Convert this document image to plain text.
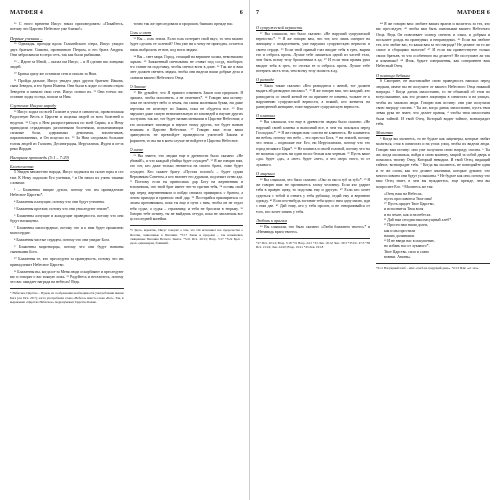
МАТФЕЯ 4	6

¹⁶ С этого времени Иисус начал проповедовать: «Покайтесь, потому что Царство Небесное уже близко!»

Первые ученики –

¹⁸ Однажды, проходя вдоль Галилейского озера, Иисус увидел двух братьев: Симона, прозванного Петром, и его брата Андрея. Они забрасывали в озеро сеть, так как были рыбаками.

¹⁹ – Идите за Мной, – сказал им Иисус, – и Я сделаю вас ловцами людей.

²⁰ Братья сразу же оставили сети и пошли за Ним.

²¹ Пройдя дальше, Иисус увидел двух других братьев: Иакова, сына Зеведея, и его брата Иоанна. Они были в лодке со своим отцом Зеведеем и чинили свои сети. Иисус позвал их. ²² Они тотчас же, оставив лодку и отца, пошли за Ним.

Служение Иисуса народу

²³ Иисус ходил по всей Галилее и учил в синагогах, провозглашая Радостную Весть о Царстве и исцеляя людей от всех болезней и недугов. ²⁴ Слух о Нем распространился по всей Сирии, и к Нему приводили страдающих различными болезнями, испытывающих сильные боли, одержимых демонами, эпилептиков, парализованных, и Он исцелял их. ²⁵ За Ним следовали большие толпы людей из Галилеи, Десятиградья, Иерусалима, Иудеи и из-за реки Иордан.

Нагорная проповедь (5:1 – 7:29)
Блаженства

5 Увидев множество народа, Иисус поднялся на склон горы и сел там. К Нему подошли Его ученики, ² и Он начал их учить такими словами:

³ – Блаженны нищие духом, потому что им принадлежит Небесное Царство*.

⁴ Блаженны плачущие, потому что они будут утешены.

⁵ Блаженны кроткие, потому что они унаследуют землю*.

⁶ Блаженны алчущие и жаждущие праведности, потому что они будут насыщены.

⁷ Блаженны милосердные, потому что и к ним будет проявлено милосердие.

⁸ Блаженны чистые сердцем, потому что они увидят Бога.

⁹ Блаженны миротворцы, потому что они будут названы сыновьями Бога.

¹⁰ Блаженны те, кто преследуем за праведность, потому что им принадлежит Небесное Царство.

¹¹ Блаженны вы, когда из-за Меня люди оскорбляют и преследуют вас и говорят о вас всякую ложь. ¹² Радуйтесь и веселитесь, потому что вас ожидает награда на небесах! Ведь

* Небесное Царство – Иудеи, из соображения необходимости употребления имени Бога (см. Исх. 20:7), часто употребляли слово «Небеса» вместо слова «Бог». Так, и выражение «Царство Небесное» подразумевает Царство Божие.

точно так же преследовали и пророков, бывших прежде вас.

Соль и свет

¹³ Вы – соль земли. Если соль потеряет свой вкус, то чем можно будет сделать ее соленой? Она уже ни к чему не пригодна, остается лишь выбросить ее вон, под ноги людям.

¹⁴ Вы – свет мира. Город, стоящий на вершине холма, невозможно скрыть. ¹⁵ Зажженный светильник не ставят под сосуд, наоборот, его ставят на подставку, чтобы светил всем в доме. ¹⁶ Так же и ваш свет должен светить людям, чтобы они видели ваши добрые дела и славили вашего Небесного Отца.

О Законе

¹⁷ Не думайте, что Я пришел отменить Закон или пророков. Я пришел, чтобы исполнить, а не отменить*. ¹⁸ Говорю вам истину: пока не исчезнут небо и земля, ни самая маленькая буква, ни даже черточка не исчезнут из Закона, пока не сбудется все. ¹⁹ Кто нарушит даже самую незначительную из заповедей и научит других поступать так же, тот будет назван меньшим в Царстве Небесном; а кто исполняет заповеди и научит этому других, тот будет назван великим в Царстве Небесном. ²⁰ Говорю вам: если ваша праведность не превзойдет праведности учителей Закона и фарисеев, то вы ни в коем случае не войдете в Царство Небесное.

О гневе

²¹ Вы знаете, что людям еще в древности было сказано: «Не убивай!», и что каждый убийца будет осужден*. ²² Я же говорю вам, что тот, кто даже только гневается на своего брата, тоже будет осужден. Кто скажет брату: «Пустая голова!» – будет судим Верховным Советом, а кто назовет его дураком, подлежит огню ада. ²³ Поэтому если ты приносишь дар Богу на жертвенник и вспомнишь, что твой брат имеет что-то против тебя, ²⁴ оставь свой дар перед жертвенником и пойди сначала примирись с братом, а потом приходи и приноси свой дар. ²⁵ Постарайся примириться со своим противником, пока ты еще в пути с ним, чтобы он не отдал тебя судье, а судья – стражнику, и тебя не бросили в тюрьму. ²⁶ Говорю тебе истину, ты не выйдешь оттуда, пока не заплатишь все до последней копейки.

*5 Здесь, вероятно, Иисус говорит о том, что Он исполняет все пророчества о Мессии, записанные в Писании. *5:17 Закон и пророки – так назывались Священные Писания Ветхого Завета. *5:21 Исх. 20:13; Втор. 5:17 *5:22 Брат – здесь: единоверец, ближний.

7	МАТФЕЯ 6
О супружеской верности

²⁷ Вы слышали, что было сказано: «Не нарушай супружеской верности»*. ²⁸ Я же говорю вам, что тот, кто лишь смотрит на женщину с вожделением, уже нарушил супружескую верность в своем сердце. ²⁹ Если твой правый глаз вводит тебя в грех, вырви его и отбрось прочь. Лучше тебе лишиться одной из частей тела, чем быть всему телу брошенным в ад. ³⁰ И если твоя правая рука вводит тебя в грех, то отсеки ее и отбрось прочь. Лучше тебе потерять часть тела, чем всему телу попасть в ад.

О разводе

³¹ Было также сказано: «Кто разводится с женой, тот должен выдать ей разводное письмо»*. ³² Я же говорю вам, что каждый, кто разводится со своей женой не по причине ее измены, толкает ее к нарушению супружеской верности, а всякий, кто женится на разведенной женщине, тоже нарушает супружескую верность.

О клятвах

³³ Вы слышали, что еще в древности людям было сказано: «Не нарушай своей клятвы и выполняй все, в чем ты поклялся перед Господом»*. ³⁴ Я же говорю вам: совсем не клянитесь. Не клянитесь ни небом, потому что небо – это престол Бога, ³⁵ ни землей, потому что земля – подножие ног Его, ни Иерусалимом, потому что это город великого Царя*. ³⁶ Не клянись и своей головой, потому что ты не можешь сделать ни один волос белым или черным. ³⁷ Пусть ваше «да» будет «да», а «нет» будет «нет», а что сверх этого, то от лукавого.

О мщении

³⁸ Вы слышали, что было сказано: «Око за око и зуб за зуб»*. ³⁹ Я же говорю вам: не противьтесь злому человеку. Если кто ударит тебя в правую щеку, то подставь ему и другую. ⁴⁰ Если кто хочет судиться с тобой и отнять у тебя рубашку, отдай ему и верхнюю одежду. ⁴¹ Если кто-нибудь заставит тебя идти с ним одну милю, иди с ним две. ⁴² Дай тому, кто у тебя просит, и не отворачивайся от того, кто хочет занять у тебя.

Любовь к врагам

⁴³ Вы слышали, что было сказано: «Люби ближнего твоего»* и «Ненавидь врага твоего».

*27 Исх. 20:14; Втор. 5:18 *31 Втор. 24:1 *33 Лев. 19:12; Чис. 30:3 *35 Пс. 47:3 *38 Исх. 21:24; Лев. 24:20; Втор. 19:21 *43 Лев. 19:18

⁴⁴ Я же говорю вам: любите ваших врагов и молитесь за тех, кто вас преследует, ⁴⁵ чтобы вам быть сыновьями вашего Небесного Отца. Ведь Он повелевает солнцу светить и злым, и добрым и посылает дождь на праведных и неправедных. ⁴⁶ Если вы любите тех, кто любит вас, то какая вам за это награда? Не делают ли то же самое и сборщики налогов? ⁴⁷ И если вы приветствуете только своих братьев, то что особенного вы делаете? Не поступают ли так и язычники? ⁴⁸ Итак, будьте совершенны, как совершенен ваш Небесный Отец.

О помощи бедным

6 Смотрите, не выставляйте свою праведность напоказ перед людьми, иначе вы не получите от вашего Небесного Отца никакой награды. ² Когда даешь милостыню, то не объявляй об этом во всеуслышание, как это делают лицемеры в синагогах и на улицах, чтобы их хвалили люди. Говорю вам истину: они уже получили свою награду сполна. ³ Ты же, когда даешь милостыню, пусть твоя левая рука не знает, что делает правая, ⁴ чтобы твоя милостыня была тайной. И твой Отец, Который видит тайное, вознаградит тебя.

Молитва

⁵ Когда вы молитесь, то не будьте как лицемеры, которые любят молиться, стоя в синагогах и на углах улиц, чтобы их видели люди. Говорю вам истину: они уже получили свою награду сполна. ⁶ Ты же, когда молишься, войди в свою комнату, закрой за собой дверь и помолись твоему Отцу, Который невидим. И твой Отец, видящий тайное, вознаградит тебя. ⁷ Когда вы молитесь, не повторяйте одни и те же слова, как это делают язычники, которые думают, что многословием они будут услышаны. ⁸ Не будьте как они, потому что ваш Отец знает, в чем вы нуждаетесь, еще прежде, чем вы попросите Его. ⁹ Молитесь же так:

«Отец наш на Небесах,

пусть прославится Твое имя!

¹⁰ Пусть придет Твое Царство,

и исполнится Твоя воля

и на земле, как и на небесах.

¹¹ Дай нам сегодня наш насущный хлеб*.

¹² Прости нам наши долги,

как и мы простили

наших должников.

¹³ И не введи нас в искушение,

но избавь нас от лукавого*.

Твое Царство, сила и слава

вовеки. Аминь».

*6:11 Насущный хлеб – или: «хлеб на грядущий день». *6:13 Или: «от зла».
